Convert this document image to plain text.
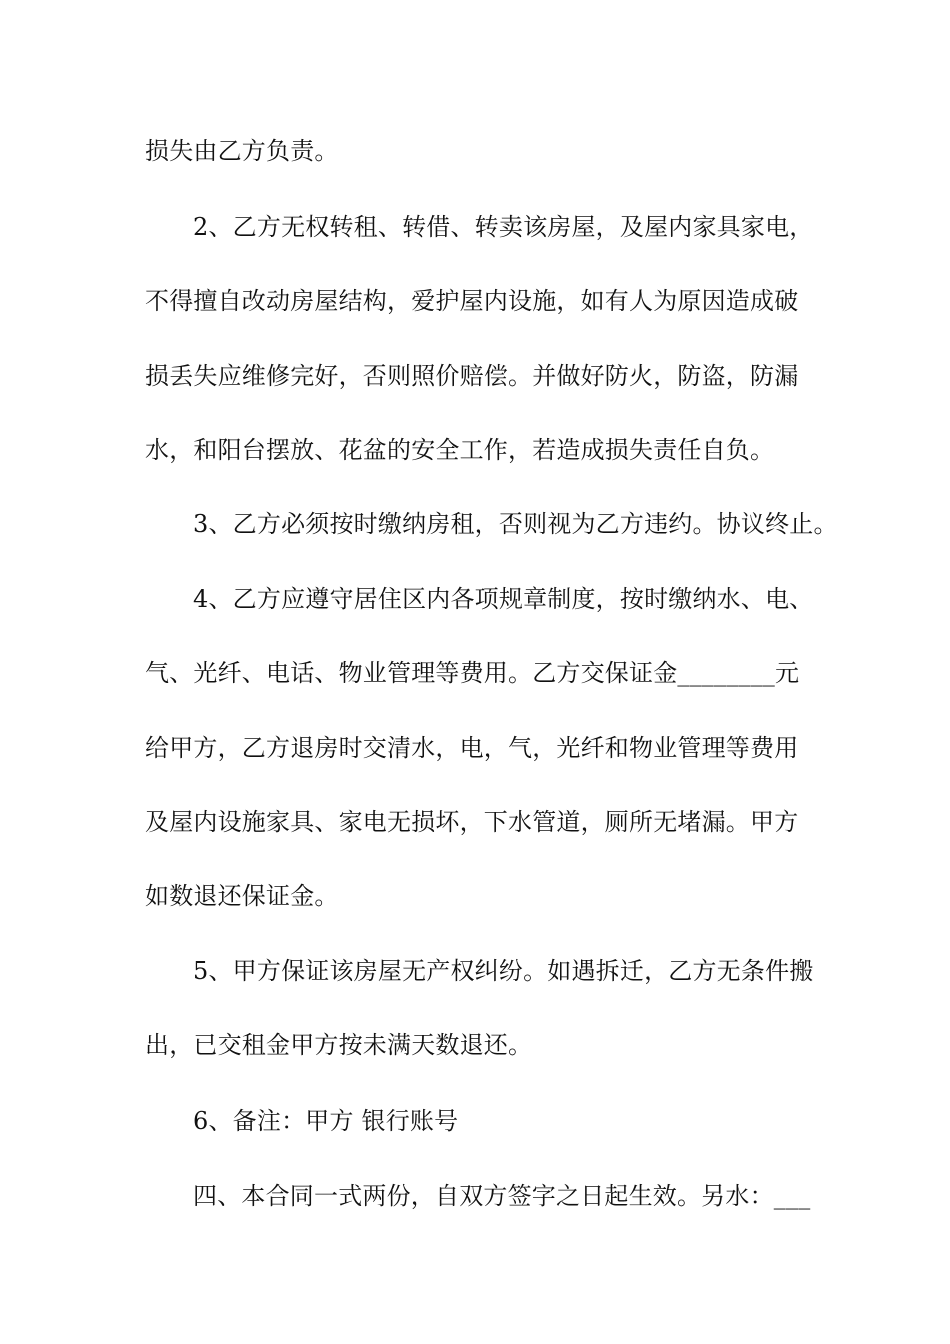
损失由乙方负责。
2、乙方无权转租、转借、转卖该房屋，及屋内家具家电，
不得擅自改动房屋结构，爱护屋内设施，如有人为原因造成破
损丢失应维修完好，否则照价赔偿。并做好防火，防盗，防漏
水，和阳台摆放、花盆的安全工作，若造成损失责任自负。
3、乙方必须按时缴纳房租，否则视为乙方违约。协议终止。
4、乙方应遵守居住区内各项规章制度，按时缴纳水、电、
气、光纤、电话、物业管理等费用。乙方交保证金________元
给甲方，乙方退房时交清水，电，气，光纤和物业管理等费用
及屋内设施家具、家电无损坏，下水管道，厕所无堵漏。甲方
如数退还保证金。
5、甲方保证该房屋无产权纠纷。如遇拆迁，乙方无条件搬
出，已交租金甲方按未满天数退还。
6、备注：甲方 银行账号
四、本合同一式两份，自双方签字之日起生效。另水：___
